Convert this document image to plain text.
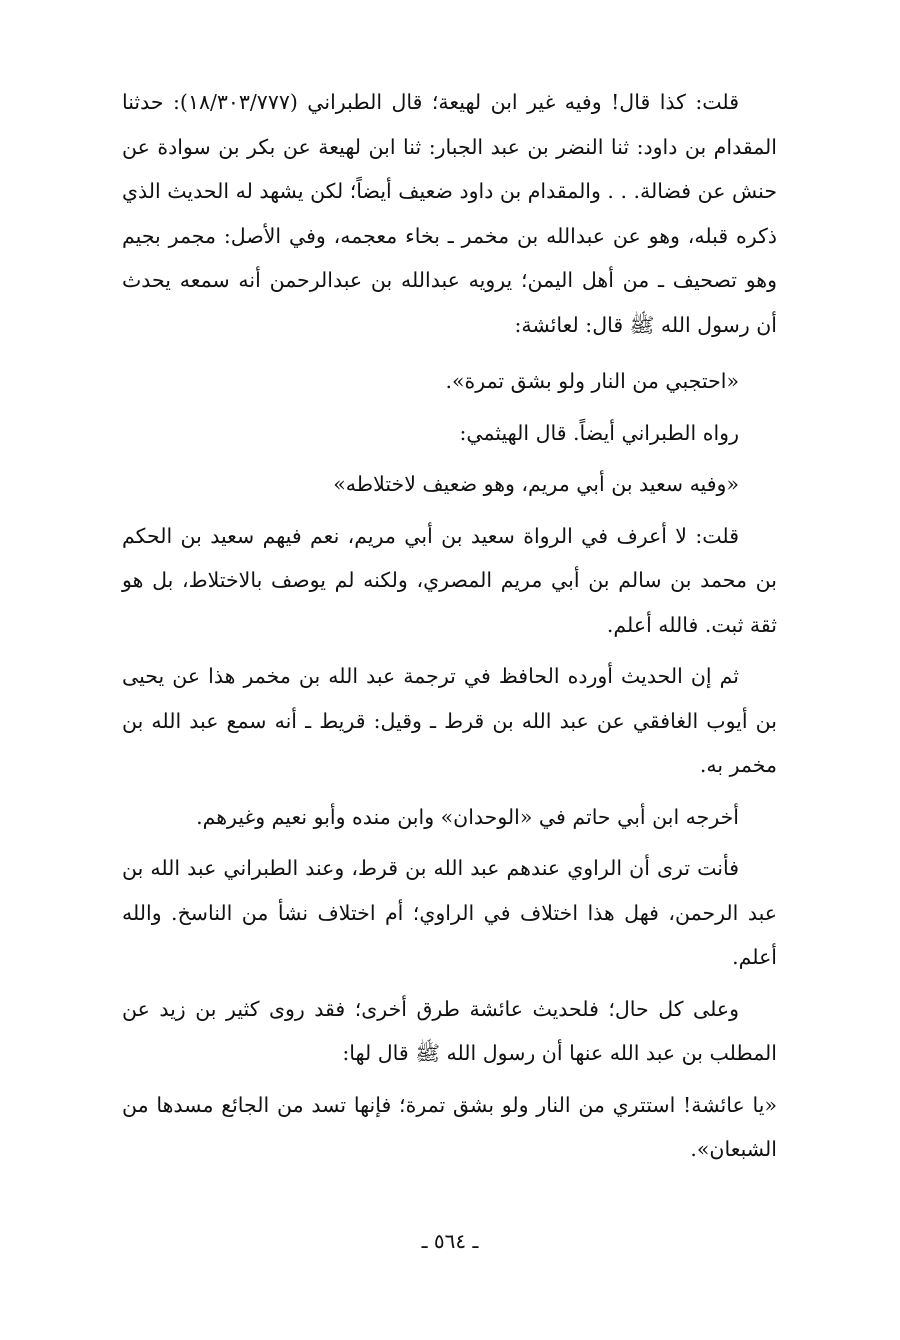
قلت: كذا قال! وفيه غير ابن لهيعة؛ قال الطبراني (١٨/٣٠٣/٧٧٧): حدثنا المقدام بن داود: ثنا النضر بن عبد الجبار: ثنا ابن لهيعة عن بكر بن سوادة عن حنش عن فضالة. . . والمقدام بن داود ضعيف أيضاً؛ لكن يشهد له الحديث الذي ذكره قبله، وهو عن عبدالله بن مخمر ـ بخاء معجمه، وفي الأصل: مجمر بجيم وهو تصحيف ـ من أهل اليمن؛ يرويه عبدالله بن عبدالرحمن أنه سمعه يحدث أن رسول الله ﷺ قال: لعائشة:

«احتجبي من النار ولو بشق تمرة».

رواه الطبراني أيضاً. قال الهيثمي:

«وفيه سعيد بن أبي مريم، وهو ضعيف لاختلاطه»

قلت: لا أعرف في الرواة سعيد بن أبي مريم، نعم فيهم سعيد بن الحكم بن محمد بن سالم بن أبي مريم المصري، ولكنه لم يوصف بالاختلاط، بل هو ثقة ثبت. فالله أعلم.

ثم إن الحديث أورده الحافظ في ترجمة عبد الله بن مخمر هذا عن يحيى بن أيوب الغافقي عن عبد الله بن قرط ـ وقيل: قريط ـ أنه سمع عبد الله بن مخمر به.

أخرجه ابن أبي حاتم في «الوحدان» وابن منده وأبو نعيم وغيرهم.

فأنت ترى أن الراوي عندهم عبد الله بن قرط، وعند الطبراني عبد الله بن عبد الرحمن، فهل هذا اختلاف في الراوي؛ أم اختلاف نشأ من الناسخ. والله أعلم.

وعلى كل حال؛ فلحديث عائشة طرق أخرى؛ فقد روى كثير بن زيد عن المطلب بن عبد الله عنها أن رسول الله ﷺ قال لها:

«يا عائشة! استتري من النار ولو بشق تمرة؛ فإنها تسد من الجائع مسدها من الشبعان».

ـ ٥٦٤ ـ
